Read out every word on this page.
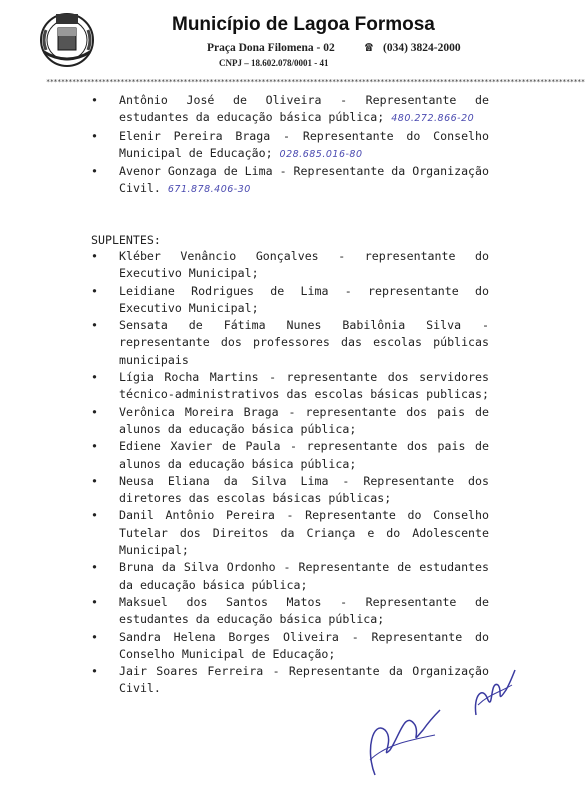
Município de Lagoa Formosa
Praça Dona Filomena - 02 ☎ (034) 3824-2000
CNPJ – 18.602.078/0001 - 41
*************************************************************************************************************************************************
• Antônio José de Oliveira - Representante de estudantes da educação básica pública; 480.272.866-20
• Elenir Pereira Braga - Representante do Conselho Municipal de Educação; 028.685.016-80
• Avenor Gonzaga de Lima - Representante da Organização Civil. 671.878.406-30
SUPLENTES:
• Kléber Venâncio Gonçalves - representante do Executivo Municipal;
• Leidiane Rodrigues de Lima - representante do Executivo Municipal;
• Sensata de Fátima Nunes Babilônia Silva - representante dos professores das escolas públicas municipais
• Lígia Rocha Martins - representante dos servidores técnico-administrativos das escolas básicas publicas;
• Verônica Moreira Braga - representante dos pais de alunos da educação básica pública;
• Ediene Xavier de Paula - representante dos pais de alunos da educação básica pública;
• Neusa Eliana da Silva Lima - Representante dos diretores das escolas básicas públicas;
• Danil Antônio Pereira - Representante do Conselho Tutelar dos Direitos da Criança e do Adolescente Municipal;
• Bruna da Silva Ordonho - Representante de estudantes da educação básica pública;
• Maksuel dos Santos Matos - Representante de estudantes da educação básica pública;
• Sandra Helena Borges Oliveira - Representante do Conselho Municipal de Educação;
• Jair Soares Ferreira - Representante da Organização Civil.
